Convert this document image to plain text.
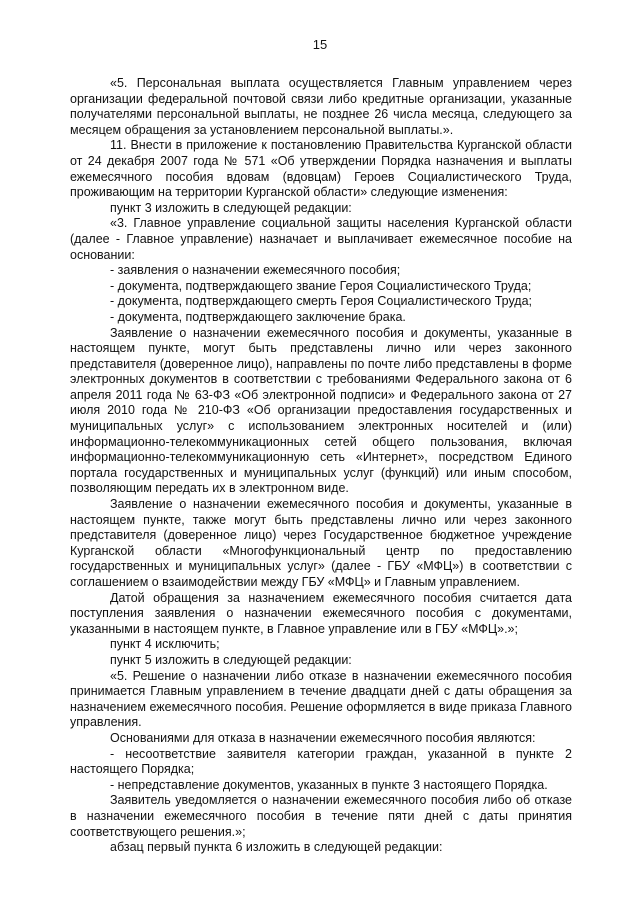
15

«5. Персональная выплата осуществляется Главным управлением через организации федеральной почтовой связи либо кредитные организации, указанные получателями персональной выплаты, не позднее 26 числа месяца, следующего за месяцем обращения за установлением персональной выплаты.».

11. Внести в приложение к постановлению Правительства Курганской области от 24 декабря 2007 года № 571 «Об утверждении Порядка назначения и выплаты ежемесячного пособия вдовам (вдовцам) Героев Социалистического Труда, проживающим на территории Курганской области» следующие изменения:

пункт 3 изложить в следующей редакции:

«3. Главное управление социальной защиты населения Курганской области (далее - Главное управление) назначает и выплачивает ежемесячное пособие на основании:

- заявления о назначении ежемесячного пособия;

- документа, подтверждающего звание Героя Социалистического Труда;

- документа, подтверждающего смерть Героя Социалистического Труда;

- документа, подтверждающего заключение брака.

Заявление о назначении ежемесячного пособия и документы, указанные в настоящем пункте, могут быть представлены лично или через законного представителя (доверенное лицо), направлены по почте либо представлены в форме электронных документов в соответствии с требованиями Федерального закона от 6 апреля 2011 года № 63-ФЗ «Об электронной подписи» и Федерального закона от 27 июля 2010 года № 210-ФЗ «Об организации предоставления государственных и муниципальных услуг» с использованием электронных носителей и (или) информационно-телекоммуникационных сетей общего пользования, включая информационно-телекоммуникационную сеть «Интернет», посредством Единого портала государственных и муниципальных услуг (функций) или иным способом, позволяющим передать их в электронном виде.

Заявление о назначении ежемесячного пособия и документы, указанные в настоящем пункте, также могут быть представлены лично или через законного представителя (доверенное лицо) через Государственное бюджетное учреждение Курганской области «Многофункциональный центр по предоставлению государственных и муниципальных услуг» (далее - ГБУ «МФЦ») в соответствии с соглашением о взаимодействии между ГБУ «МФЦ» и Главным управлением.

Датой обращения за назначением ежемесячного пособия считается дата поступления заявления о назначении ежемесячного пособия с документами, указанными в настоящем пункте, в Главное управление или в ГБУ «МФЦ».»;

пункт 4 исключить;

пункт 5 изложить в следующей редакции:

«5. Решение о назначении либо отказе в назначении ежемесячного пособия принимается Главным управлением в течение двадцати дней с даты обращения за назначением ежемесячного пособия. Решение оформляется в виде приказа Главного управления.

Основаниями для отказа в назначении ежемесячного пособия являются:

- несоответствие заявителя категории граждан, указанной в пункте 2 настоящего Порядка;

- непредставление документов, указанных в пункте 3 настоящего Порядка.

Заявитель уведомляется о назначении ежемесячного пособия либо об отказе в назначении ежемесячного пособия в течение пяти дней с даты принятия соответствующего решения.»;

абзац первый пункта 6 изложить в следующей редакции:
